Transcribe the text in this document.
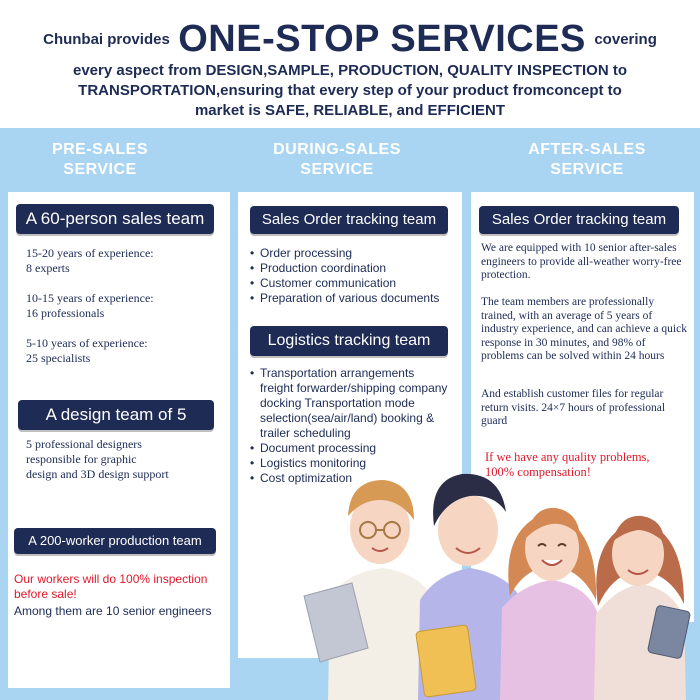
Chunbai provides ONE-STOP SERVICES covering
every aspect from DESIGN,SAMPLE, PRODUCTION, QUALITY INSPECTION to
TRANSPORTATION,ensuring that every step of your product fromconcept to
market is SAFE, RELIABLE, and EFFICIENT
PRE-SALES
SERVICE
DURING-SALES
SERVICE
AFTER-SALES
SERVICE
A 60-person sales team
15-20 years of experience:
8 experts
10-15 years of experience:
16 professionals
5-10 years of experience:
25 specialists
A design team of 5
5 professional designers
responsible for graphic
design and 3D design support
A 200-worker production team
Our workers will do 100% inspection
before sale!
Among them are 10 senior engineers
Sales Order tracking team
• Order processing
• Production coordination
• Customer communication
• Preparation of various documents
Logistics tracking team
• Transportation arrangements freight forwarder/shipping company docking Transportation mode selection(sea/air/land) booking & trailer scheduling
• Document processing
• Logistics monitoring
• Cost optimization
Sales Order tracking team
We are equipped with 10 senior after-sales engineers to provide all-weather worry-free protection.
The team members are professionally trained, with an average of 5 years of industry experience, and can achieve a quick response in 30 minutes, and 98% of problems can be solved within 24 hours
And establish customer files for regular return visits. 24×7 hours of professional guard
If we have any quality problems,
100% compensation!
